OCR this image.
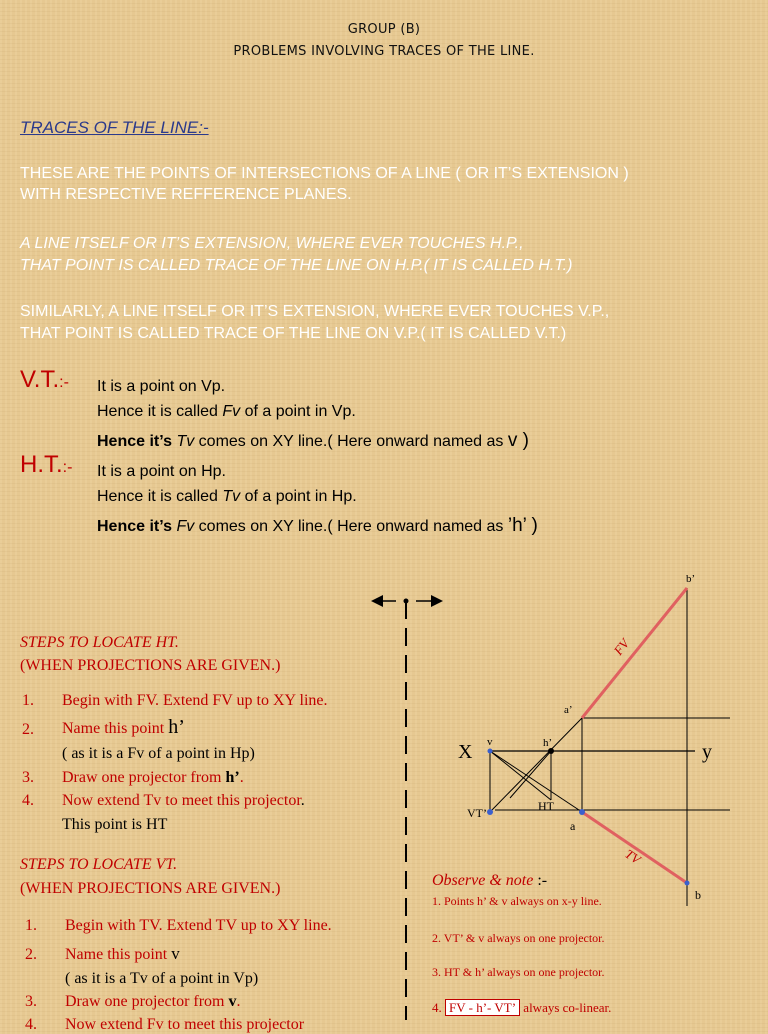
GROUP (B)
PROBLEMS INVOLVING TRACES OF THE LINE.
TRACES OF THE LINE:-
THESE ARE THE POINTS OF INTERSECTIONS OF A LINE ( OR IT’S EXTENSION )
WITH RESPECTIVE REFFERENCE PLANES.
A LINE ITSELF OR IT’S EXTENSION, WHERE EVER TOUCHES H.P.,
THAT POINT IS CALLED TRACE OF THE LINE ON H.P.( IT IS CALLED H.T.)
SIMILARLY, A LINE ITSELF OR IT’S EXTENSION, WHERE EVER TOUCHES V.P.,
THAT POINT IS CALLED TRACE OF THE LINE ON V.P.( IT IS CALLED V.T.)
V.T.:- It is a point on Vp.
Hence it is called Fv of a point in Vp.
Hence it’s Tv comes on XY line.( Here onward named as v )
H.T.:- It is a point on Hp.
Hence it is called Tv of a point in Hp.
Hence it’s Fv comes on XY line.( Here onward named as ’h’ )
STEPS TO LOCATE HT.
(WHEN PROJECTIONS ARE GIVEN.)
1. Begin with FV. Extend FV up to XY line.
2. Name this point h’
( as it is a Fv of a point in Hp)
3. Draw one projector from h’.
4. Now extend Tv to meet this projector.
This point is HT
STEPS TO LOCATE VT.
(WHEN PROJECTIONS ARE GIVEN.)
1. Begin with TV. Extend TV up to XY line.
2. Name this point v
( as it is a Tv of a point in Vp)
3. Draw one projector from v.
4. Now extend Fv to meet this projector
X	y
b’
a’
v	h’
VT’	HT
a
b
FV
TV
Observe & note :-
1. Points h’ & v always on x-y line.
2. VT’ & v always on one projector.
3. HT & h’ always on one projector.
4. FV - h’- VT’ always co-linear.
